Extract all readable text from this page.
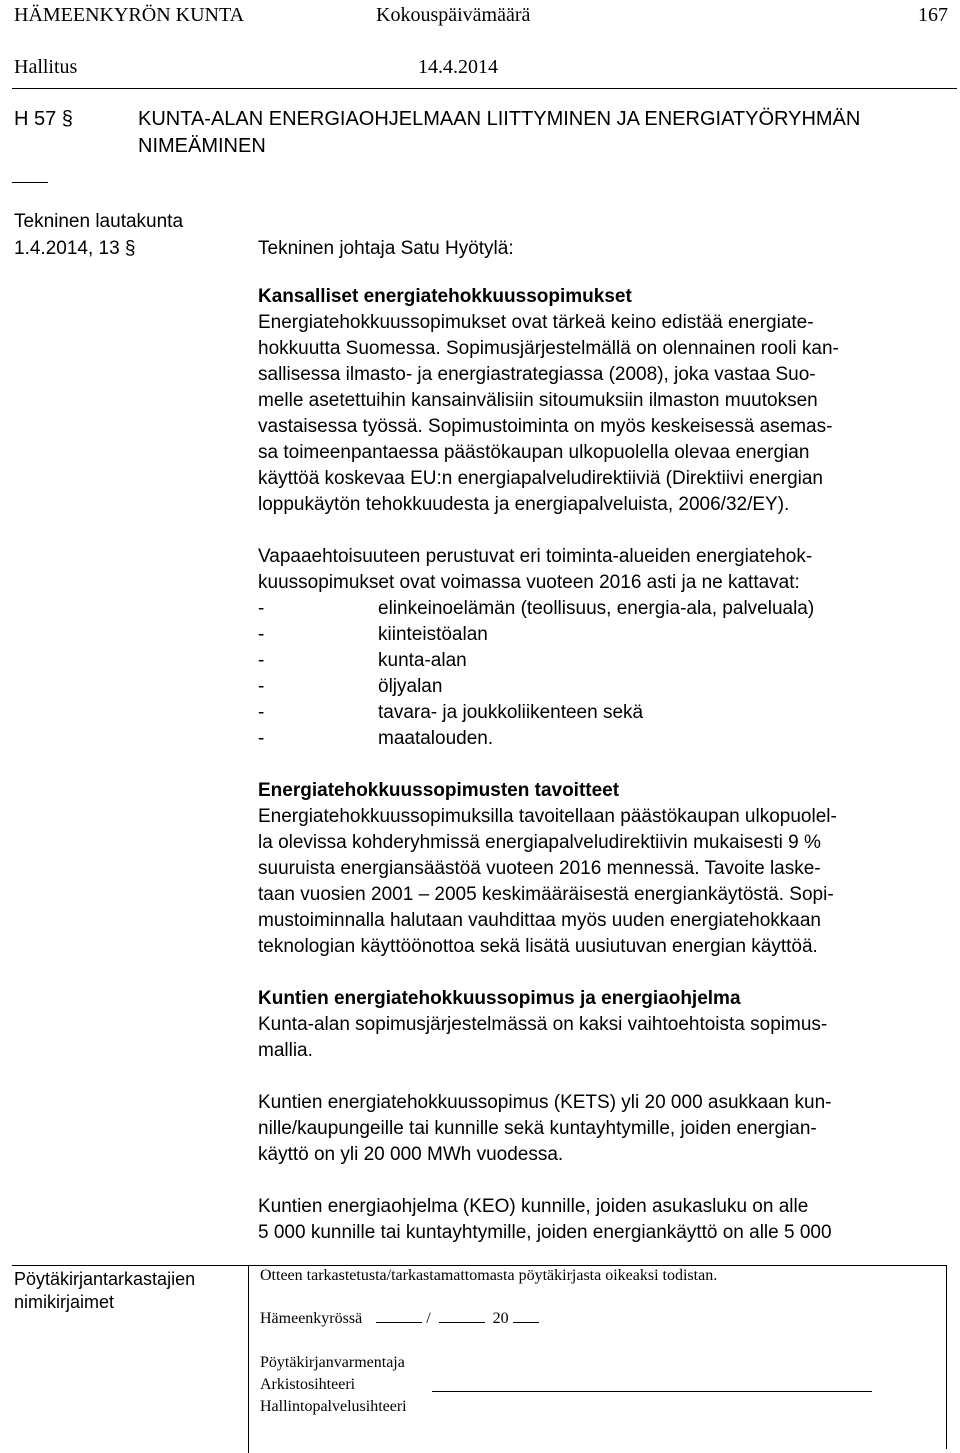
HÄMEENKYRÖN KUNTA	Kokouspäivämäärä	167
Hallitus	14.4.2014
H 57 §	KUNTA-ALAN ENERGIAOHJELMAAN LIITTYMINEN JA ENERGIATYÖRYHMÄN
NIMEÄMINEN
Tekninen lautakunta
1.4.2014, 13 §	Tekninen johtaja Satu Hyötylä:

Kansalliset energiatehokkuussopimukset

Energiatehokkuussopimukset ovat tärkeä keino edistää energiate-
hokkuutta Suomessa. Sopimusjärjestelmällä on olennainen rooli kan-
sallisessa ilmasto- ja energiastrategiassa (2008), joka vastaa Suo-
melle asetettuihin kansainvälisiin sitoumuksiin ilmaston muutoksen
vastaisessa työssä. Sopimustoiminta on myös keskeisessä asemas-
sa toimeenpantaessa päästökaupan ulkopuolella olevaa energian
käyttöä koskevaa EU:n energiapalveludirektiiviä (Direktiivi energian
loppukäytön tehokkuudesta ja energiapalveluista, 2006/32/EY).

Vapaaehtoisuuteen perustuvat eri toiminta-alueiden energiatehok-
kuussopimukset ovat voimassa vuoteen 2016 asti ja ne kattavat:

-	elinkeinoelämän (teollisuus, energia-ala, palveluala)
-	kiinteistöalan
-	kunta-alan
-	öljyalan
-	tavara- ja joukkoliikenteen sekä
-	maatalouden.

Energiatehokkuussopimusten tavoitteet

Energiatehokkuussopimuksilla tavoitellaan päästökaupan ulkopuolel-
la olevissa kohderyhmissä energiapalveludirektiivin mukaisesti 9 %
suuruista energiansäästöä vuoteen 2016 mennessä. Tavoite laske-
taan vuosien 2001 – 2005 keskimääräisestä energiankäytöstä. Sopi-
mustoiminnalla halutaan vauhdittaa myös uuden energiatehokkaan
teknologian käyttöönottoa sekä lisätä uusiutuvan energian käyttöä.

Kuntien energiatehokkuussopimus ja energiaohjelma

Kunta-alan sopimusjärjestelmässä on kaksi vaihtoehtoista sopimus-
mallia.

Kuntien energiatehokkuussopimus (KETS) yli 20 000 asukkaan kun-
nille/kaupungeille tai kunnille sekä kuntayhtymille, joiden energian-
käyttö on yli 20 000 MWh vuodessa.

Kuntien energiaohjelma (KEO) kunnille, joiden asukasluku on alle
5 000 kunnille tai kuntayhtymille, joiden energiankäyttö on alle 5 000

Pöytäkirjantarkastajien
nimikirjaimet
Otteen tarkastetusta/tarkastamattomasta pöytäkirjasta oikeaksi todistan.
Hämeenkyrössä	/	20
Pöytäkirjanvarmentaja
Arkistosihteeri
Hallintopalvelusihteeri
